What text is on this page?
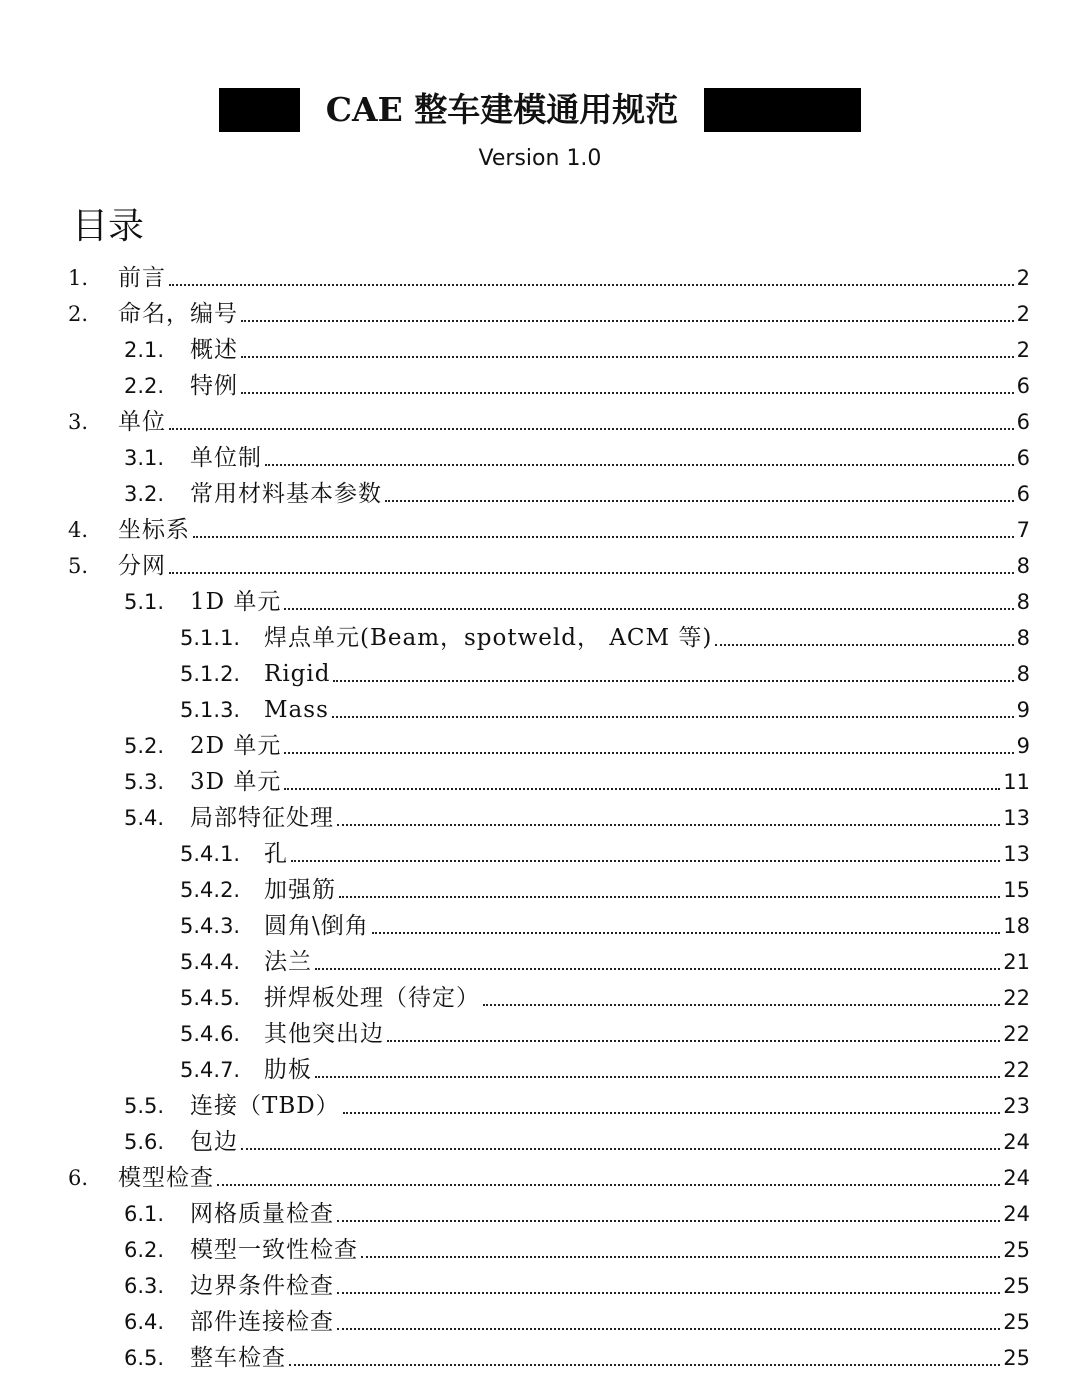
CAE 整车建模通用规范
Version 1.0
目录
1.	前言	2
2.	命名，编号	2
2.1.	概述	2
2.2.	特例	6
3.	单位	6
3.1.	单位制	6
3.2.	常用材料基本参数	6
4.	坐标系	7
5.	分网	8
5.1.	1D 单元	8
5.1.1.	焊点单元(Beam，spotweld， ACM 等)	8
5.1.2.	Rigid	8
5.1.3.	Mass	9
5.2.	2D 单元	9
5.3.	3D 单元	11
5.4.	局部特征处理	13
5.4.1.	孔	13
5.4.2.	加强筋	15
5.4.3.	圆角\倒角	18
5.4.4.	法兰	21
5.4.5.	拼焊板处理（待定）	22
5.4.6.	其他突出边	22
5.4.7.	肋板	22
5.5.	连接（TBD）	23
5.6.	包边	24
6.	模型检查	24
6.1.	网格质量检查	24
6.2.	模型一致性检查	25
6.3.	边界条件检查	25
6.4.	部件连接检查	25
6.5.	整车检查	25
